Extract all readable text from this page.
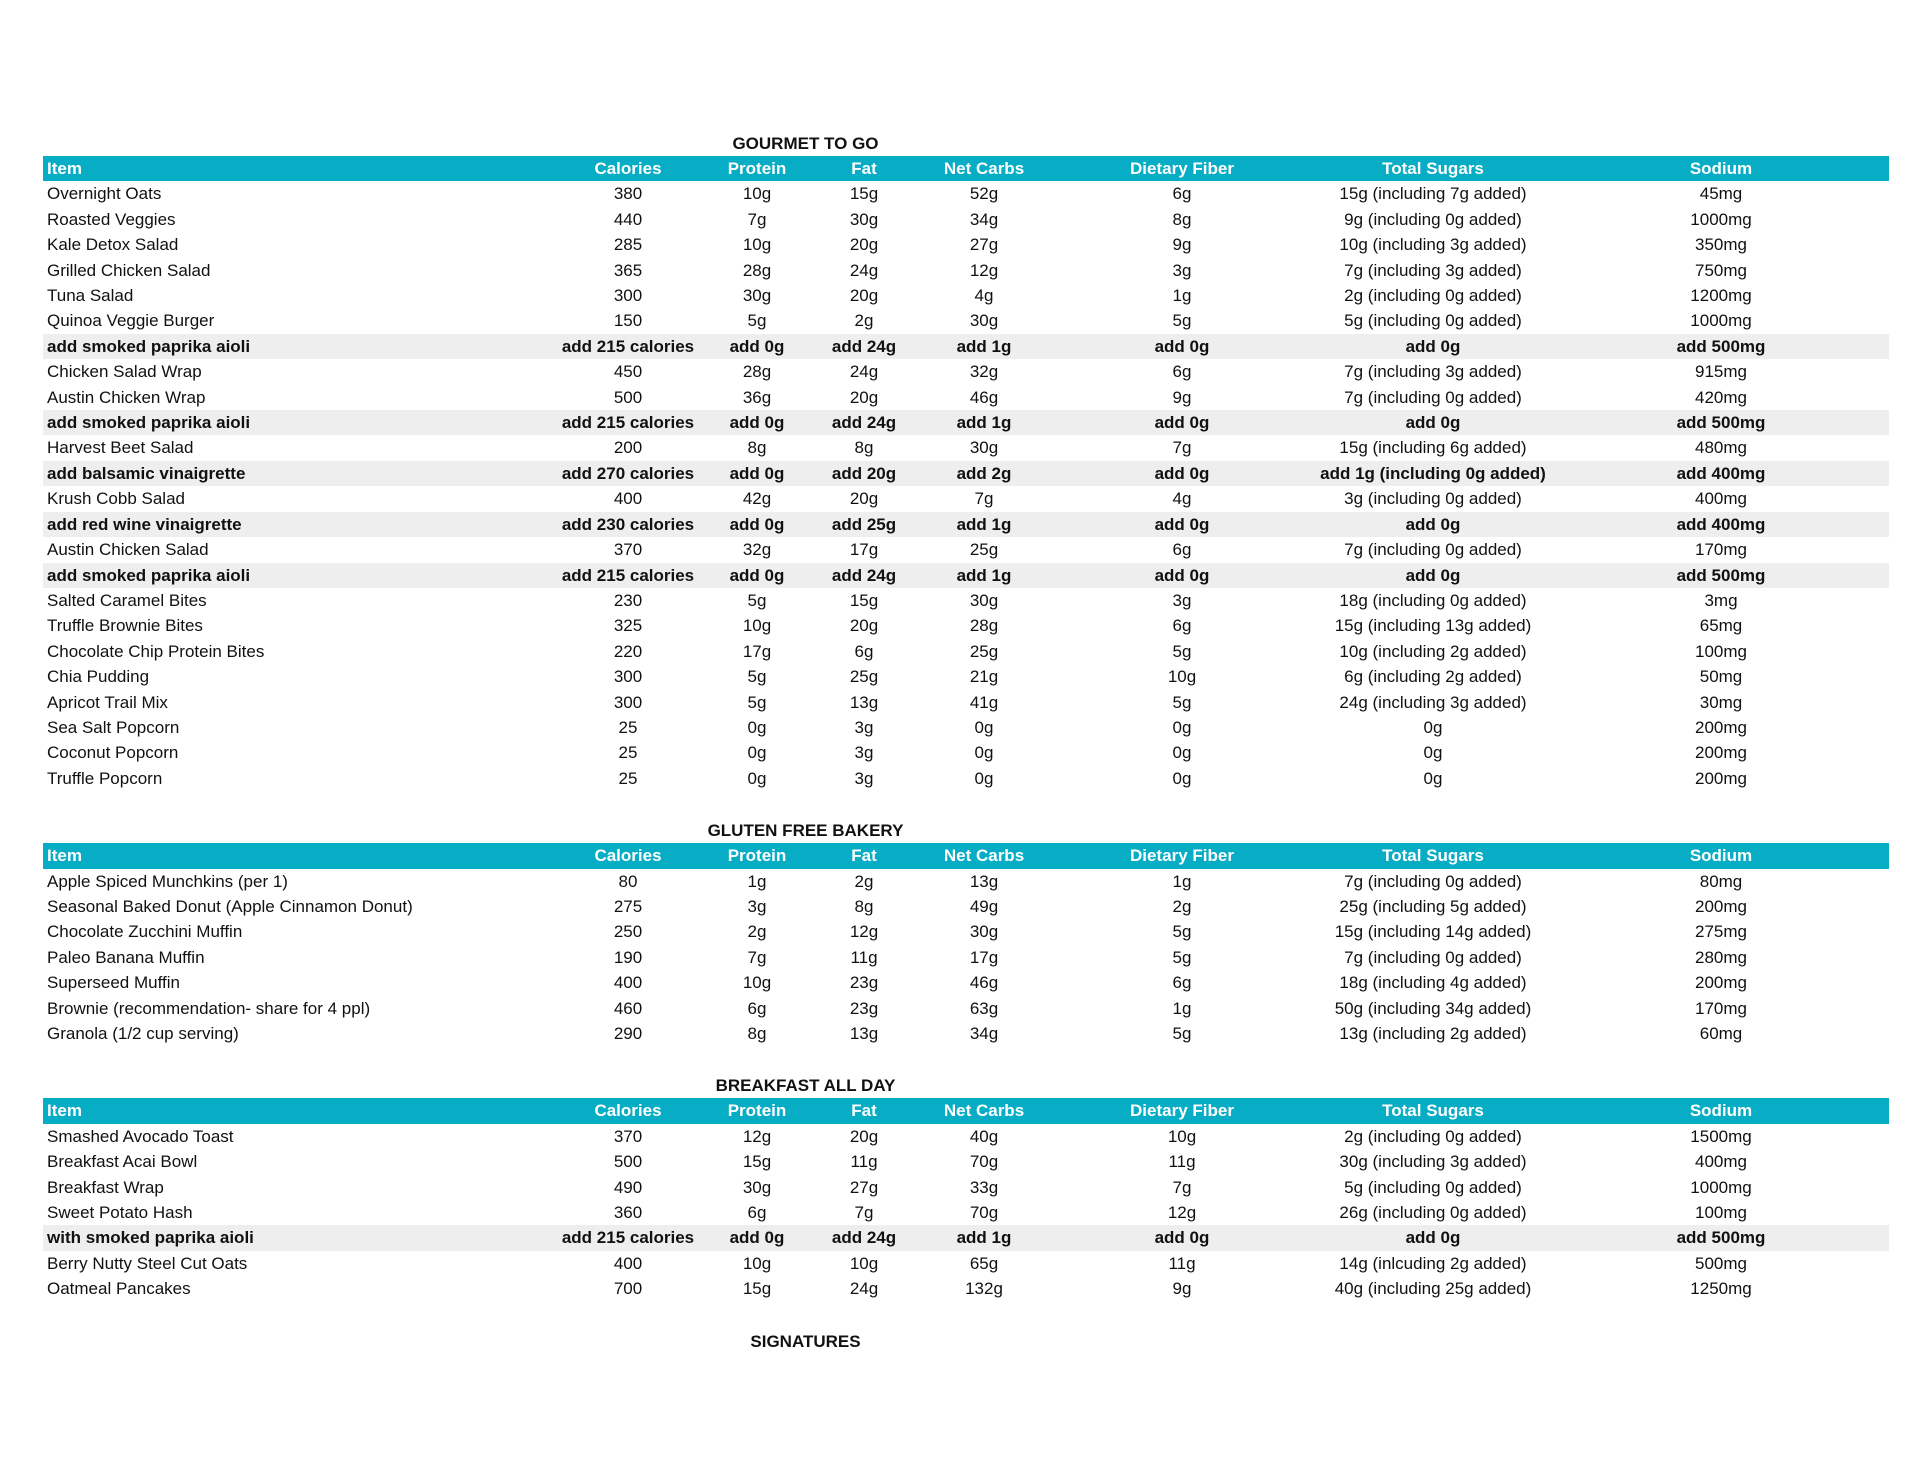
GOURMET TO GO
Item	Calories	Protein	Fat	Net Carbs	Dietary Fiber	Total Sugars	Sodium
Overnight Oats	380	10g	15g	52g	6g	15g (including 7g added)	45mg
Roasted Veggies	440	7g	30g	34g	8g	9g (including 0g added)	1000mg
Kale Detox Salad	285	10g	20g	27g	9g	10g (including 3g added)	350mg
Grilled Chicken Salad	365	28g	24g	12g	3g	7g (including 3g added)	750mg
Tuna Salad	300	30g	20g	4g	1g	2g (including 0g added)	1200mg
Quinoa Veggie Burger	150	5g	2g	30g	5g	5g (including 0g added)	1000mg
add smoked paprika aioli	add 215 calories	add 0g	add 24g	add 1g	add 0g	add 0g	add 500mg
Chicken Salad Wrap	450	28g	24g	32g	6g	7g (including 3g added)	915mg
Austin Chicken Wrap	500	36g	20g	46g	9g	7g (including 0g added)	420mg
add smoked paprika aioli	add 215 calories	add 0g	add 24g	add 1g	add 0g	add 0g	add 500mg
Harvest Beet Salad	200	8g	8g	30g	7g	15g (including 6g added)	480mg
add balsamic vinaigrette	add 270 calories	add 0g	add 20g	add 2g	add 0g	add 1g (including 0g added)	add 400mg
Krush Cobb Salad	400	42g	20g	7g	4g	3g (including 0g added)	400mg
add red wine vinaigrette	add 230 calories	add 0g	add 25g	add 1g	add 0g	add 0g	add 400mg
Austin Chicken Salad	370	32g	17g	25g	6g	7g (including 0g added)	170mg
add smoked paprika aioli	add 215 calories	add 0g	add 24g	add 1g	add 0g	add 0g	add 500mg
Salted Caramel Bites	230	5g	15g	30g	3g	18g (including 0g added)	3mg
Truffle Brownie Bites	325	10g	20g	28g	6g	15g (including 13g added)	65mg
Chocolate Chip Protein Bites	220	17g	6g	25g	5g	10g (including 2g added)	100mg
Chia Pudding	300	5g	25g	21g	10g	6g (including 2g added)	50mg
Apricot Trail Mix	300	5g	13g	41g	5g	24g (including 3g added)	30mg
Sea Salt Popcorn	25	0g	3g	0g	0g	0g	200mg
Coconut Popcorn	25	0g	3g	0g	0g	0g	200mg
Truffle Popcorn	25	0g	3g	0g	0g	0g	200mg
GLUTEN FREE BAKERY
Item	Calories	Protein	Fat	Net Carbs	Dietary Fiber	Total Sugars	Sodium
Apple Spiced Munchkins (per 1)	80	1g	2g	13g	1g	7g (including 0g added)	80mg
Seasonal Baked Donut (Apple Cinnamon Donut)	275	3g	8g	49g	2g	25g (including 5g added)	200mg
Chocolate Zucchini Muffin	250	2g	12g	30g	5g	15g (including 14g added)	275mg
Paleo Banana Muffin	190	7g	11g	17g	5g	7g (including 0g added)	280mg
Superseed Muffin	400	10g	23g	46g	6g	18g (including 4g added)	200mg
Brownie (recommendation- share for 4 ppl)	460	6g	23g	63g	1g	50g (including 34g added)	170mg
Granola (1/2 cup serving)	290	8g	13g	34g	5g	13g (including 2g added)	60mg
BREAKFAST ALL DAY
Item	Calories	Protein	Fat	Net Carbs	Dietary Fiber	Total Sugars	Sodium
Smashed Avocado Toast	370	12g	20g	40g	10g	2g (including 0g added)	1500mg
Breakfast Acai Bowl	500	15g	11g	70g	11g	30g (including 3g added)	400mg
Breakfast Wrap	490	30g	27g	33g	7g	5g (including 0g added)	1000mg
Sweet Potato Hash	360	6g	7g	70g	12g	26g (including 0g added)	100mg
with smoked paprika aioli	add 215 calories	add 0g	add 24g	add 1g	add 0g	add 0g	add 500mg
Berry Nutty Steel Cut Oats	400	10g	10g	65g	11g	14g (inlcuding 2g added)	500mg
Oatmeal Pancakes	700	15g	24g	132g	9g	40g (including 25g added)	1250mg
SIGNATURES
